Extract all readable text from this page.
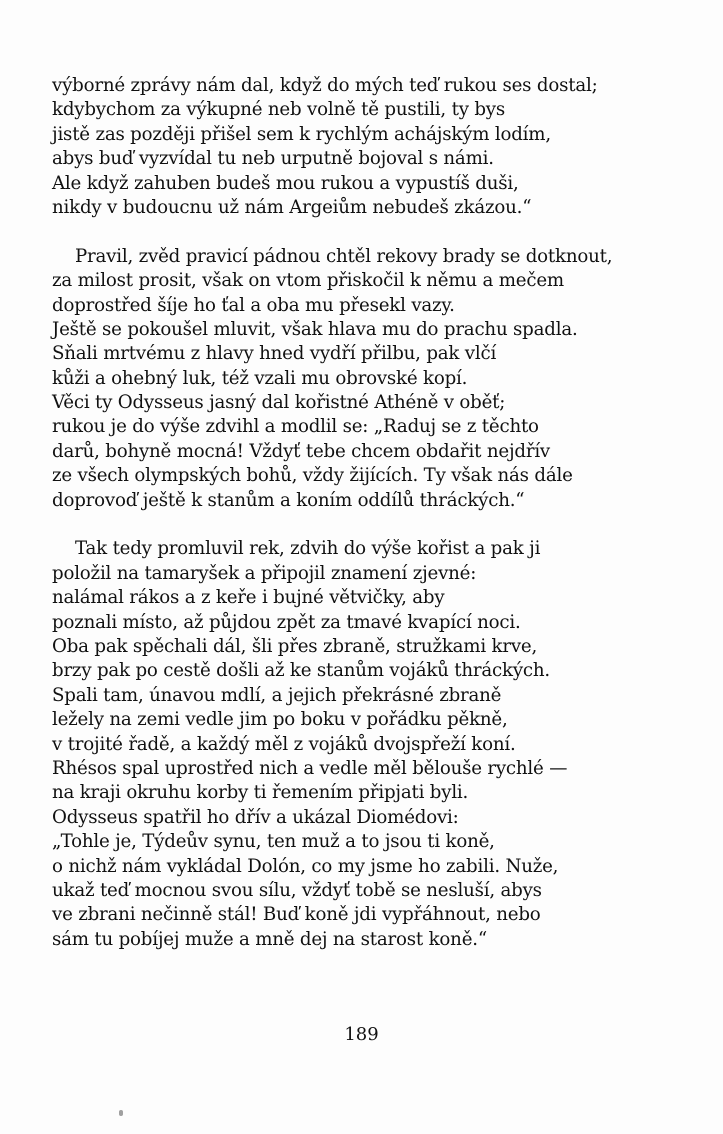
výborné zprávy nám dal, když do mých teď rukou ses dostal;
kdybychom za výkupné neb volně tě pustili, ty bys
jistě zas později přišel sem k rychlým achájským lodím,
abys buď vyzvídal tu neb urputně bojoval s námi.
Ale když zahuben budeš mou rukou a vypustíš duši,
nikdy v budoucnu už nám Argeiům nebudeš zkázou.“
Pravil, zvěd pravicí pádnou chtěl rekovy brady se dotknout,
za milost prosit, však on vtom přiskočil k němu a mečem
doprostřed šíje ho ťal a oba mu přesekl vazy.
Ještě se pokoušel mluvit, však hlava mu do prachu spadla.
Sňali mrtvému z hlavy hned vydří přilbu, pak vlčí
kůži a ohebný luk, též vzali mu obrovské kopí.
Věci ty Odysseus jasný dal kořistné Athéně v oběť;
rukou je do výše zdvihl a modlil se: „Raduj se z těchto
darů, bohyně mocná! Vždyť tebe chcem obdařit nejdřív
ze všech olympských bohů, vždy žijících. Ty však nás dále
doprovoď ještě k stanům a koním oddílů thráckých.“
Tak tedy promluvil rek, zdvih do výše kořist a pak ji
položil na tamaryšek a připojil znamení zjevné:
nalámal rákos a z keře i bujné větvičky, aby
poznali místo, až půjdou zpět za tmavé kvapící noci.
Oba pak spěchali dál, šli přes zbraně, stružkami krve,
brzy pak po cestě došli až ke stanům vojáků thráckých.
Spali tam, únavou mdlí, a jejich překrásné zbraně
ležely na zemi vedle jim po boku v pořádku pěkně,
v trojité řadě, a každý měl z vojáků dvojspřeží koní.
Rhésos spal uprostřed nich a vedle měl bělouše rychlé —
na kraji okruhu korby ti řemením připjati byli.
Odysseus spatřil ho dřív a ukázal Diomédovi:
„Tohle je, Týdeův synu, ten muž a to jsou ti koně,
o nichž nám vykládal Dolón, co my jsme ho zabili. Nuže,
ukaž teď mocnou svou sílu, vždyť tobě se nesluší, abys
ve zbrani nečinně stál! Buď koně jdi vypřáhnout, nebo
sám tu pobíjej muže a mně dej na starost koně.“
189
